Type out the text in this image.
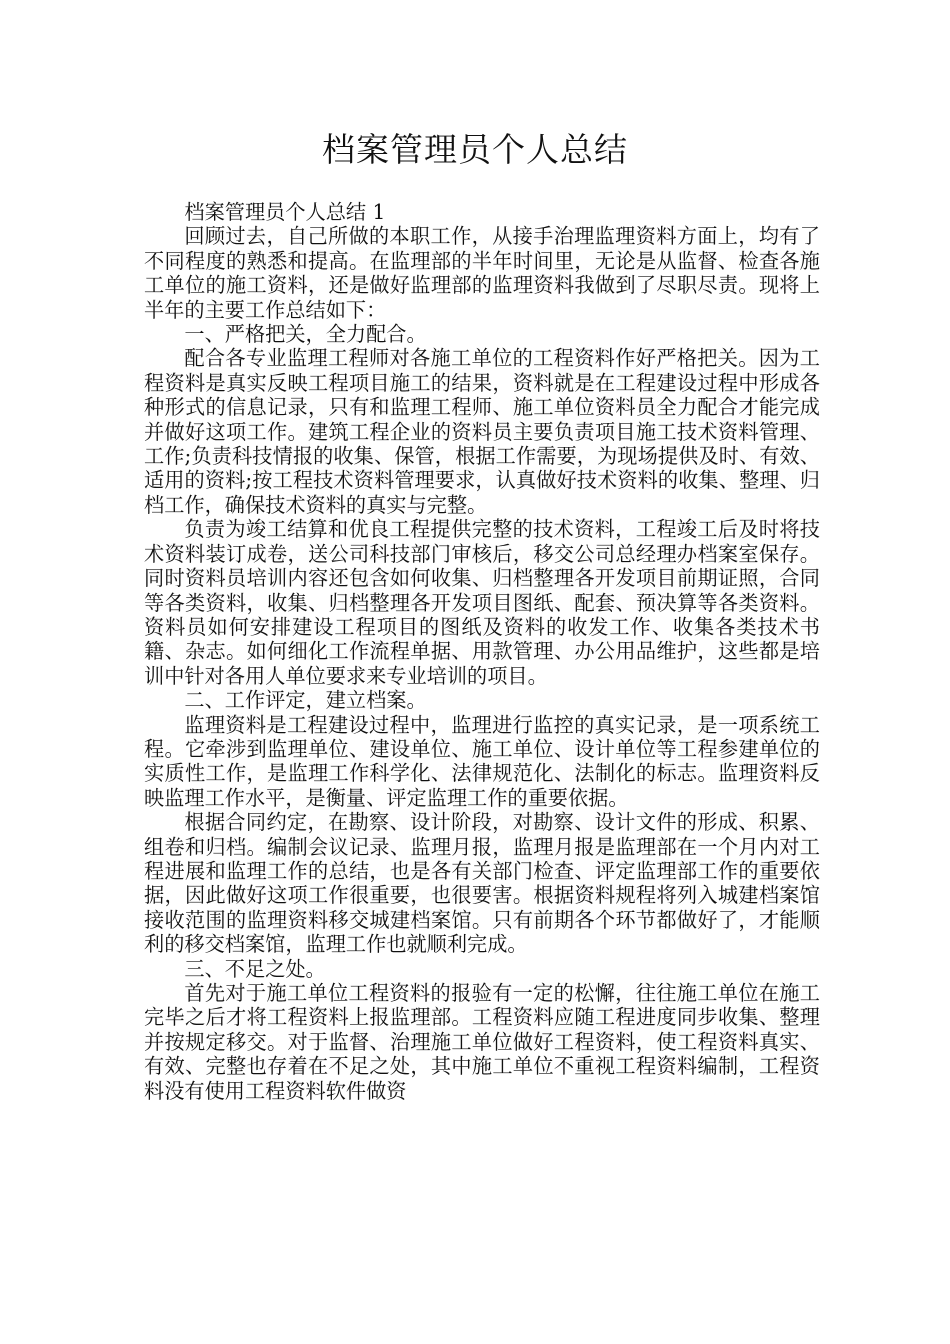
档案管理员个人总结

档案管理员个人总结 1

回顾过去，自己所做的本职工作，从接手治理监理资料方面上，均有了不同程度的熟悉和提高。在监理部的半年时间里，无论是从监督、检查各施工单位的施工资料，还是做好监理部的监理资料我做到了尽职尽责。现将上半年的主要工作总结如下：

一、严格把关，全力配合。

配合各专业监理工程师对各施工单位的工程资料作好严格把关。因为工程资料是真实反映工程项目施工的结果，资料就是在工程建设过程中形成各种形式的信息记录，只有和监理工程师、施工单位资料员全力配合才能完成并做好这项工作。建筑工程企业的资料员主要负责项目施工技术资料管理、工作;负责科技情报的收集、保管，根据工作需要，为现场提供及时、有效、适用的资料;按工程技术资料管理要求，认真做好技术资料的收集、整理、归档工作，确保技术资料的真实与完整。

负责为竣工结算和优良工程提供完整的技术资料，工程竣工后及时将技术资料装订成卷，送公司科技部门审核后，移交公司总经理办档案室保存。同时资料员培训内容还包含如何收集、归档整理各开发项目前期证照，合同等各类资料，收集、归档整理各开发项目图纸、配套、预决算等各类资料。资料员如何安排建设工程项目的图纸及资料的收发工作、收集各类技术书籍、杂志。如何细化工作流程单据、用款管理、办公用品维护，这些都是培训中针对各用人单位要求来专业培训的项目。

二、工作评定，建立档案。

监理资料是工程建设过程中，监理进行监控的真实记录，是一项系统工程。它牵涉到监理单位、建设单位、施工单位、设计单位等工程参建单位的实质性工作，是监理工作科学化、法律规范化、法制化的标志。监理资料反映监理工作水平，是衡量、评定监理工作的重要依据。

根据合同约定，在勘察、设计阶段，对勘察、设计文件的形成、积累、组卷和归档。编制会议记录、监理月报，监理月报是监理部在一个月内对工程进展和监理工作的总结，也是各有关部门检查、评定监理部工作的重要依据，因此做好这项工作很重要，也很要害。根据资料规程将列入城建档案馆接收范围的监理资料移交城建档案馆。只有前期各个环节都做好了，才能顺利的移交档案馆，监理工作也就顺利完成。

三、不足之处。

首先对于施工单位工程资料的报验有一定的松懈，往往施工单位在施工完毕之后才将工程资料上报监理部。工程资料应随工程进度同步收集、整理并按规定移交。对于监督、治理施工单位做好工程资料，使工程资料真实、有效、完整也存着在不足之处，其中施工单位不重视工程资料编制，工程资料没有使用工程资料软件做资
